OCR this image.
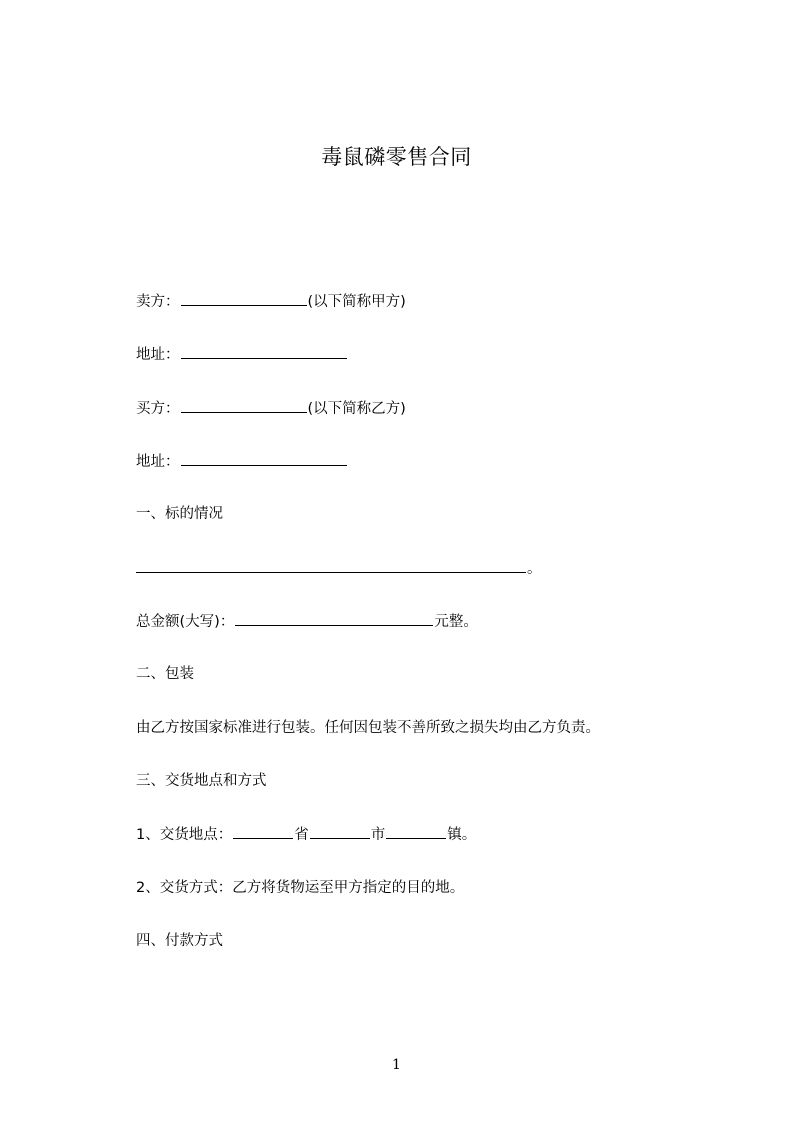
毒鼠磷零售合同
卖方：	(以下简称甲方)
地址：
买方：	(以下简称乙方)
地址：
一、标的情况
。
总金额(大写)：	元整。
二、包装
由乙方按国家标准进行包装。任何因包装不善所致之损失均由乙方负责。
三、交货地点和方式
1、交货地点：	省	市	镇。
2、交货方式：乙方将货物运至甲方指定的目的地。
四、付款方式
1
